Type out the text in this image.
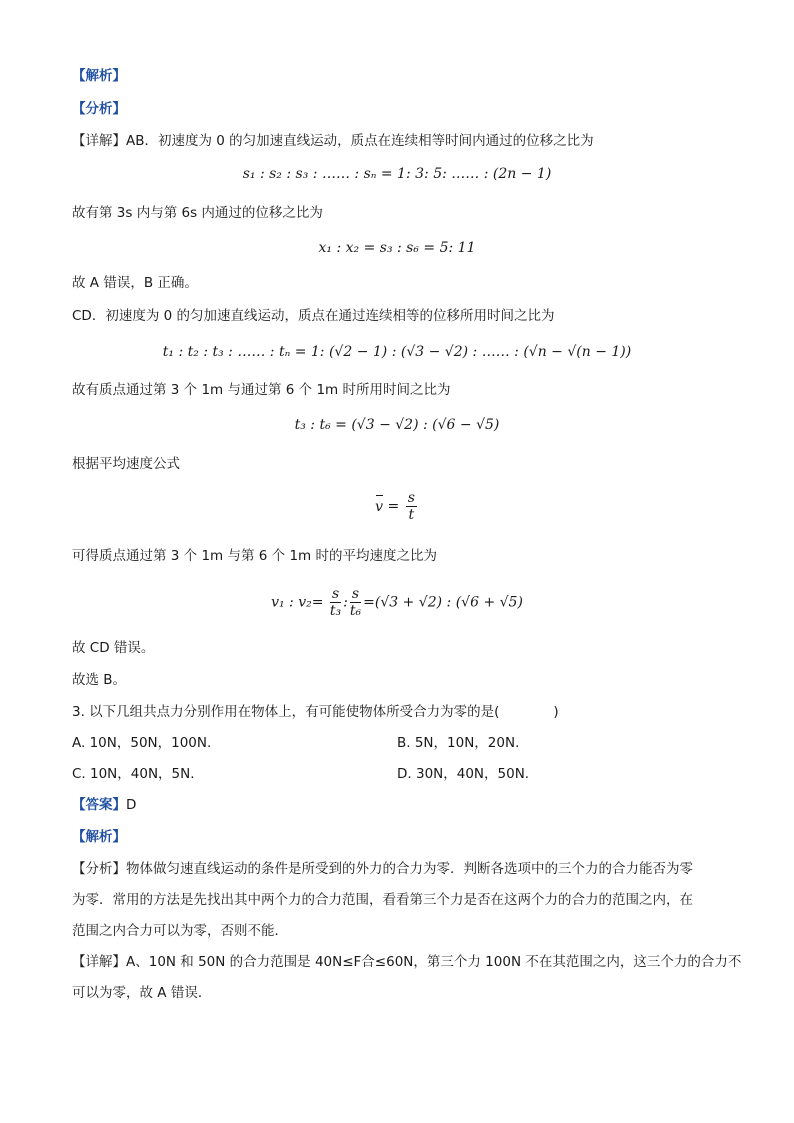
【解析】
【分析】
【详解】AB．初速度为 0 的匀加速直线运动，质点在连续相等时间内通过的位移之比为
s₁ : s₂ : s₃ : …… : sₙ = 1: 3: 5: …… : (2n − 1)
故有第 3s 内与第 6s 内通过的位移之比为
x₁ : x₂ = s₃ : s₆ = 5: 11
故 A 错误，B 正确。
CD．初速度为 0 的匀加速直线运动，质点在通过连续相等的位移所用时间之比为
t₁ : t₂ : t₃ : …… : tₙ = 1: (√2 − 1) : (√3 − √2) : …… : (√n − √(n − 1))
故有质点通过第 3 个 1m 与通过第 6 个 1m 时所用时间之比为
t₃ : t₆ = (√3 − √2) : (√6 − √5)
根据平均速度公式
$v = \frac{s}{t}$
可得质点通过第 3 个 1m 与第 6 个 1m 时的平均速度之比为
v₁ : $v_2= \frac{s}{\text{t₃}}$ : $\frac{s}{\text{t₆}} =(√3 + √2)$ : (√6 + √5)
故 CD 错误。
故选 B。
3. 以下几组共点力分别作用在物体上，有可能使物体所受合力为零的是(　　　　)
A. 10N，50N，100N.	B. 5N，10N，20N.
C. 10N，40N，5N.	D. 30N，40N，50N.
【答案】D
【解析】
【分析】物体做匀速直线运动的条件是所受到的外力的合力为零．判断各选项中的三个力的合力能否为零
为零．常用的方法是先找出其中两个力的合力范围，看看第三个力是否在这两个力的合力的范围之内，在
范围之内合力可以为零，否则不能．
【详解】A、10N 和 50N 的合力范围是 40N≤F合≤60N，第三个力 100N 不在其范围之内，这三个力的合力不
可以为零，故 A 错误．
